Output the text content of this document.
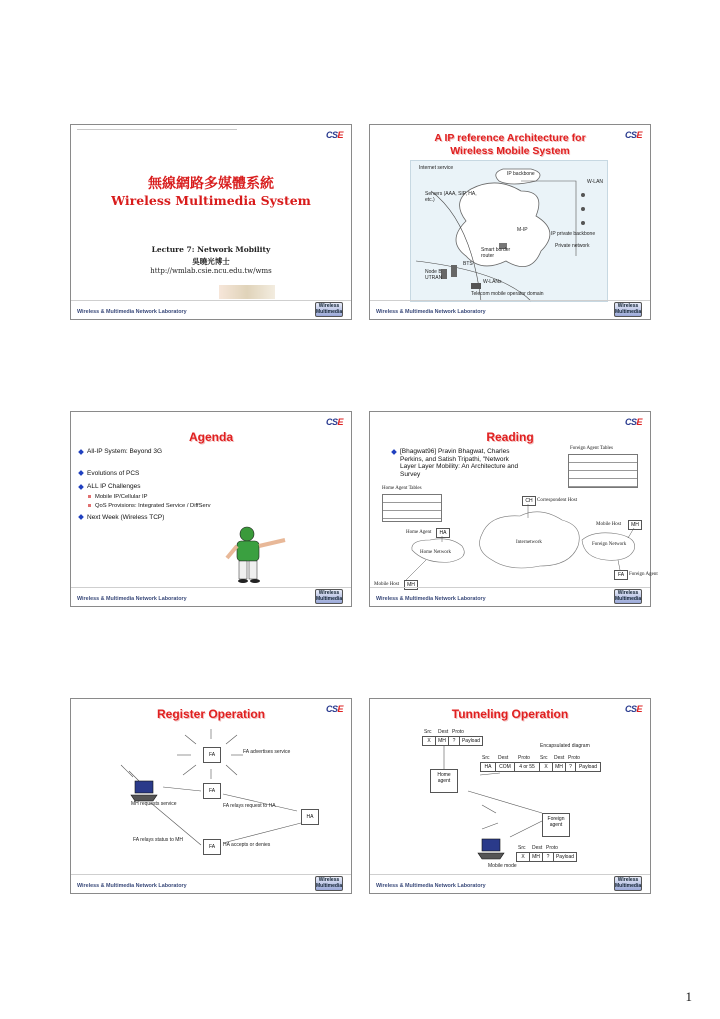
CSE
無線網路多媒體系統
Wireless Multimedia System
Lecture 7: Network Mobility
吳曉光博士
http://wmlab.csie.ncu.edu.tw/wms
Wireless & Multimedia Network Laboratory
Wireless Multimedia
CSE
A IP reference Architecture for
Wireless Mobile System
Internet service
IP backbone
Servers (AAA, SIP, HA, etc.)
W-LAN
M-IP
IP private backbone
Private network
Smart border router
BTS
Node B UTRAN
W-LANs
Telecom mobile operator domain
Wireless & Multimedia Network Laboratory
Wireless Multimedia
CSE
Agenda
All-IP System: Beyond 3G
Evolutions of PCS
ALL IP Challenges
Mobile IP/Cellular IP
QoS Provisions: Integrated Service / DiffServ
Next Week (Wireless TCP)
Wireless & Multimedia Network Laboratory
Wireless Multimedia
CSE
Reading
[Bhagwat96] Pravin Bhagwat, Charles Perkins, and Satish Tripathi, "Network Layer Layer Mobility: An Architecture and Survey
Foreign Agent Tables
Home Agent Tables
CH Correspondent Host
Mobile Host	MH
Home Agent	HA
Home Network
Internetwork	Foreign Network
FA Foreign Agent
Mobile Host	MH
Wireless & Multimedia Network Laboratory
Wireless Multimedia
CSE
Register Operation
FA	FA advertises service
MH requests service
FA
FA relays request to HA
HA
FA relays status to MH
FA	HA accepts or denies
Wireless & Multimedia Network Laboratory
Wireless Multimedia
CSE
Tunneling Operation
Src Dest Proto
X	MH	?	Payload
Encapsulated diagram
Src Dest Proto Src Dest Proto
HA	COM	4 or 55	X	MH	?	Payload
Home agent
Foreign agent
Src Dest Proto
X	MH	?	Payload
Mobile mode
Wireless & Multimedia Network Laboratory
Wireless Multimedia
1
